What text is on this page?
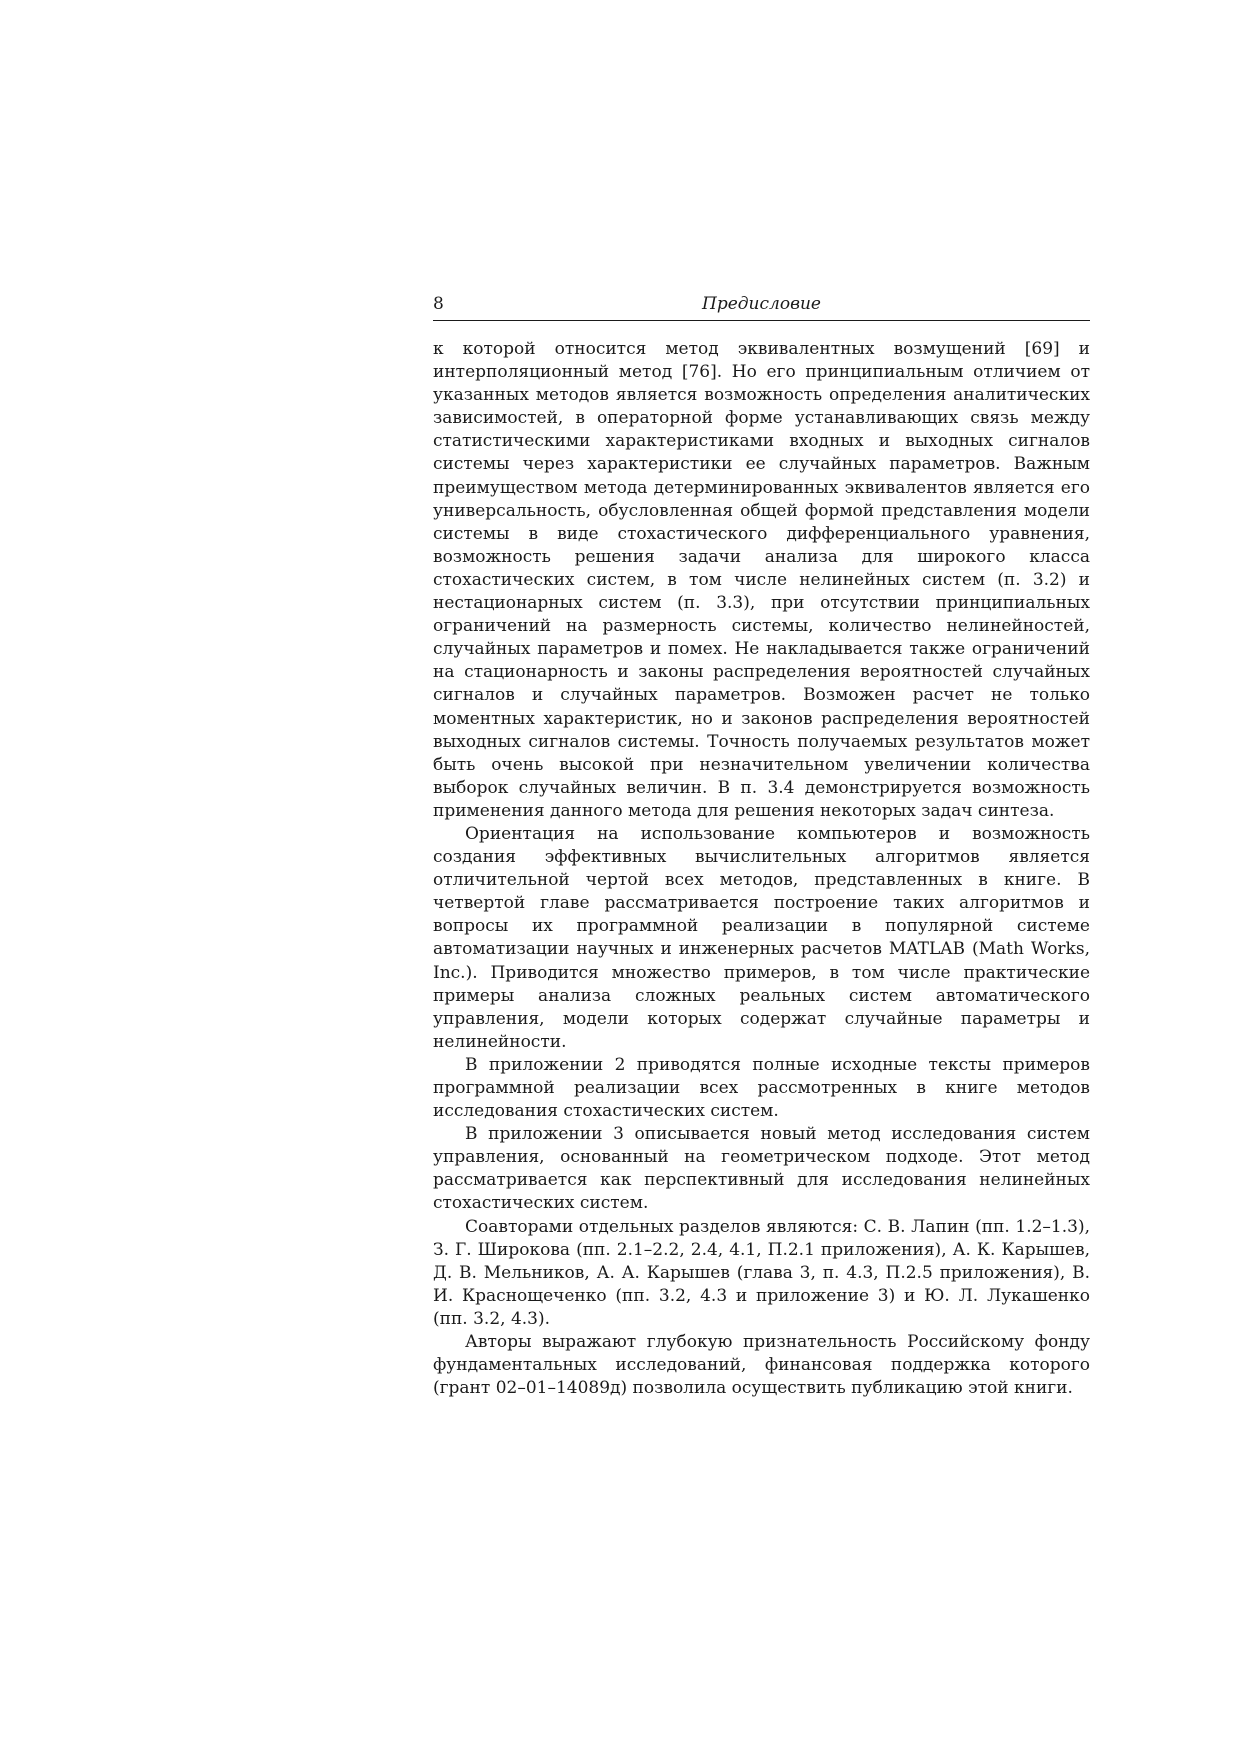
8	Предисловие

к которой относится метод эквивалентных возмущений [69] и интерполяционный метод [76]. Но его принципиальным отличием от указанных методов является возможность определения аналитических зависимостей, в операторной форме устанавливающих связь между статистическими характеристиками входных и выходных сигналов системы через характеристики ее случайных параметров. Важным преимуществом метода детерминированных эквивалентов является его универсальность, обусловленная общей формой представления модели системы в виде стохастического дифференциального уравнения, возможность решения задачи анализа для широкого класса стохастических систем, в том числе нелинейных систем (п. 3.2) и нестационарных систем (п. 3.3), при отсутствии принципиальных ограничений на размерность системы, количество нелинейностей, случайных параметров и помех. Не накладывается также ограничений на стационарность и законы распределения вероятностей случайных сигналов и случайных параметров. Возможен расчет не только моментных характеристик, но и законов распределения вероятностей выходных сигналов системы. Точность получаемых результатов может быть очень высокой при незначительном увеличении количества выборок случайных величин. В п. 3.4 демонстрируется возможность применения данного метода для решения некоторых задач синтеза.

Ориентация на использование компьютеров и возможность создания эффективных вычислительных алгоритмов является отличительной чертой всех методов, представленных в книге. В четвертой главе рассматривается построение таких алгоритмов и вопросы их программной реализации в популярной системе автоматизации научных и инженерных расчетов MATLAB (Math Works, Inc.). Приводится множество примеров, в том числе практические примеры анализа сложных реальных систем автоматического управления, модели которых содержат случайные параметры и нелинейности.

В приложении 2 приводятся полные исходные тексты примеров программной реализации всех рассмотренных в книге методов исследования стохастических систем.

В приложении 3 описывается новый метод исследования систем управления, основанный на геометрическом подходе. Этот метод рассматривается как перспективный для исследования нелинейных стохастических систем.

Соавторами отдельных разделов являются: С. В. Лапин (пп. 1.2–1.3), З. Г. Широкова (пп. 2.1–2.2, 2.4, 4.1, П.2.1 приложения), А. К. Карышев, Д. В. Мельников, А. А. Карышев (глава 3, п. 4.3, П.2.5 приложения), В. И. Краснощеченко (пп. 3.2, 4.3 и приложение 3) и Ю. Л. Лукашенко (пп. 3.2, 4.3).

Авторы выражают глубокую признательность Российскому фонду фундаментальных исследований, финансовая поддержка которого (грант 02–01–14089д) позволила осуществить публикацию этой книги.
